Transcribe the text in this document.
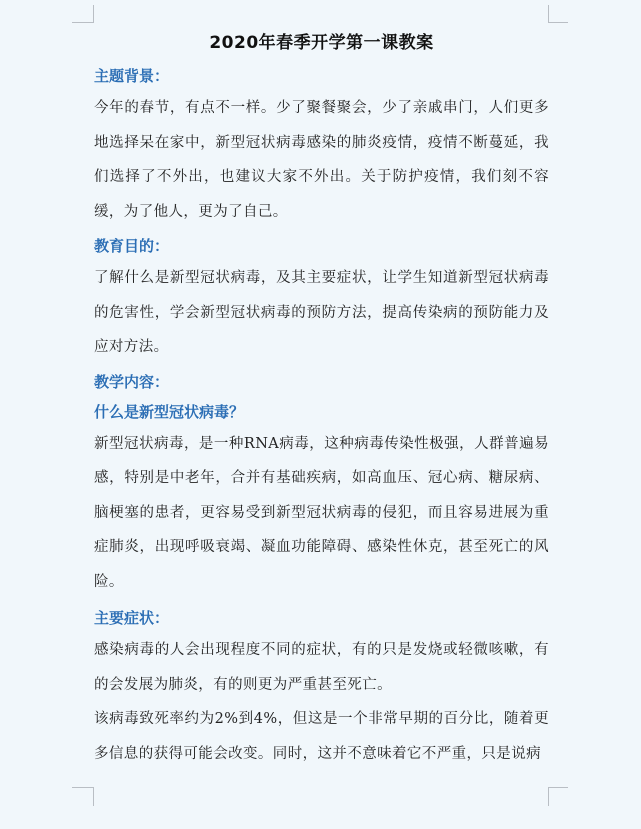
2020年春季开学第一课教案
主题背景：

今年的春节，有点不一样。少了聚餐聚会，少了亲戚串门，人们更多地选择呆在家中，新型冠状病毒感染的肺炎疫情，疫情不断蔓延，我们选择了不外出，也建议大家不外出。关于防护疫情，我们刻不容缓，为了他人，更为了自己。

教育目的：

了解什么是新型冠状病毒，及其主要症状，让学生知道新型冠状病毒的危害性，学会新型冠状病毒的预防方法，提高传染病的预防能力及应对方法。

教学内容：
什么是新型冠状病毒？

新型冠状病毒，是一种RNA病毒，这种病毒传染性极强，人群普遍易感，特别是中老年，合并有基础疾病，如高血压、冠心病、糖尿病、脑梗塞的患者，更容易受到新型冠状病毒的侵犯，而且容易进展为重症肺炎，出现呼吸衰竭、凝血功能障碍、感染性休克，甚至死亡的风险。

主要症状：

感染病毒的人会出现程度不同的症状，有的只是发烧或轻微咳嗽，有的会发展为肺炎，有的则更为严重甚至死亡。

该病毒致死率约为2%到4%，但这是一个非常早期的百分比，随着更多信息的获得可能会改变。同时，这并不意味着它不严重，只是说病
